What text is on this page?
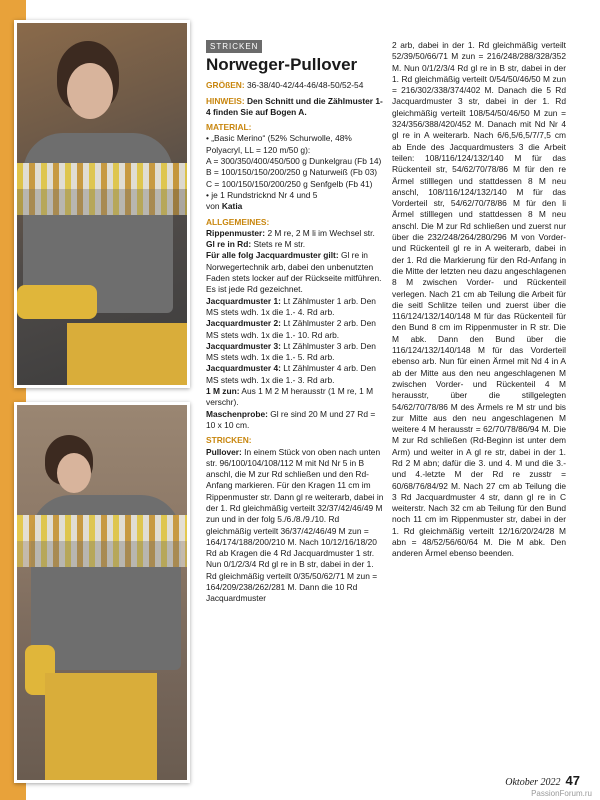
STRICKEN
Norweger-Pullover

GRÖßEN: 36-38/40-42/44-46/48-50/52-54

HINWEIS: Den Schnitt und die Zählmuster 1-4 finden Sie auf Bogen A.

MATERIAL:
• „Basic Merino“ (52% Schurwolle, 48% Polyacryl, LL = 120 m/50 g):
A = 300/350/400/450/500 g Dunkelgrau (Fb 14)
B = 100/150/150/200/250 g Naturweiß (Fb 03)
C = 100/150/150/200/250 g Senfgelb (Fb 41)
• je 1 Rundstricknd Nr 4 und 5

von Katia

ALLGEMEINES:
Rippenmuster: 2 M re, 2 M li im Wechsel str.
Gl re in Rd: Stets re M str.
Für alle folg Jacquardmuster gilt: Gl re in Norwegertechnik arb, dabei den unbenutzten Faden stets locker auf der Rückseite mitführen. Es ist jede Rd gezeichnet.
Jacquardmuster 1: Lt Zählmuster 1 arb. Den MS stets wdh. 1x die 1.- 4. Rd arb.
Jacquardmuster 2: Lt Zählmuster 2 arb. Den MS stets wdh. 1x die 1.- 10. Rd arb.
Jacquardmuster 3: Lt Zählmuster 3 arb. Den MS stets wdh. 1x die 1.- 5. Rd arb.
Jacquardmuster 4: Lt Zählmuster 4 arb. Den MS stets wdh. 1x die 1.- 3. Rd arb.
1 M zun: Aus 1 M 2 M herausstr (1 M re, 1 M verschr).

Maschenprobe: Gl re sind 20 M und 27 Rd = 10 x 10 cm.

STRICKEN:
Pullover: In einem Stück von oben nach unten str. 96/100/104/108/112 M mit Nd Nr 5 in B anschl, die M zur Rd schließen und den Rd-Anfang markieren. Für den Kragen 11 cm im Rippenmuster str. Dann gl re weiterarb, dabei in der 1. Rd gleichmäßig verteilt 32/37/42/46/49 M zun und in der folg 5./6./8./9./10. Rd gleichmäßig verteilt 36/37/42/46/49 M zun = 164/174/188/200/210 M. Nach 10/12/16/18/20 Rd ab Kragen die 4 Rd Jacquardmuster 1 str. Nun 0/1/2/3/4 Rd gl re in B str, dabei in der 1. Rd gleichmäßig verteilt 0/35/50/62/71 M zun = 164/209/238/262/281 M. Dann die 10 Rd Jacquardmuster
2 arb, dabei in der 1. Rd gleichmäßig verteilt 52/39/50/66/71 M zun = 216/248/288/328/352 M. Nun 0/1/2/3/4 Rd gl re in B str, dabei in der 1. Rd gleichmäßig verteilt 0/54/50/46/50 M zun = 216/302/338/374/402 M. Danach die 5 Rd Jacquardmuster 3 str, dabei in der 1. Rd gleichmäßig verteilt 108/54/50/46/50 M zun = 324/356/388/420/452 M. Danach mit Nd Nr 4 gl re in A weiterarb. Nach 6/6,5/6,5/7/7,5 cm ab Ende des Jacquardmusters 3 die Arbeit teilen: 108/116/124/132/140 M für das Rückenteil str, 54/62/70/78/86 M für den re Ärmel stilllegen und stattdessen 8 M neu anschl, 108/116/124/132/140 M für das Vorderteil str, 54/62/70/78/86 M für den li Ärmel stilllegen und stattdessen 8 M neu anschl. Die M zur Rd schließen und zuerst nur über die 232/248/264/280/296 M von Vorder- und Rückenteil gl re in A weiterarb, dabei in der 1. Rd die Markierung für den Rd-Anfang in die Mitte der letzten neu dazu angeschlagenen 8 M zwischen Vorder- und Rückenteil verlegen. Nach 21 cm ab Teilung die Arbeit für die seitl Schlitze teilen und zuerst über die 116/124/132/140/148 M für das Rückenteil für den Bund 8 cm im Rippenmuster in R str. Die M abk. Dann den Bund über die 116/124/132/140/148 M für das Vorderteil ebenso arb. Nun für einen Ärmel mit Nd 4 in A ab der Mitte aus den neu angeschlagenen M zwischen Vorder- und Rückenteil 4 M herausstr, über die stillgelegten 54/62/70/78/86 M des Ärmels re M str und bis zur Mitte aus den neu angeschlagenen M weitere 4 M herausstr = 62/70/78/86/94 M. Die M zur Rd schließen (Rd-Beginn ist unter dem Arm) und weiter in A gl re str, dabei in der 1. Rd 2 M abn; dafür die 3. und 4. M und die 3.- und 4.-letzte M der Rd re zusstr = 60/68/76/84/92 M. Nach 27 cm ab Teilung die 3 Rd Jacquardmuster 4 str, dann gl re in C weiterstr. Nach 32 cm ab Teilung für den Bund noch 11 cm im Rippenmuster str, dabei in der 1. Rd gleichmäßig verteilt 12/16/20/24/28 M abn = 48/52/56/60/64 M. Die M abk. Den anderen Ärmel ebenso beenden.
Oktober 2022 47
PassionForum.ru
